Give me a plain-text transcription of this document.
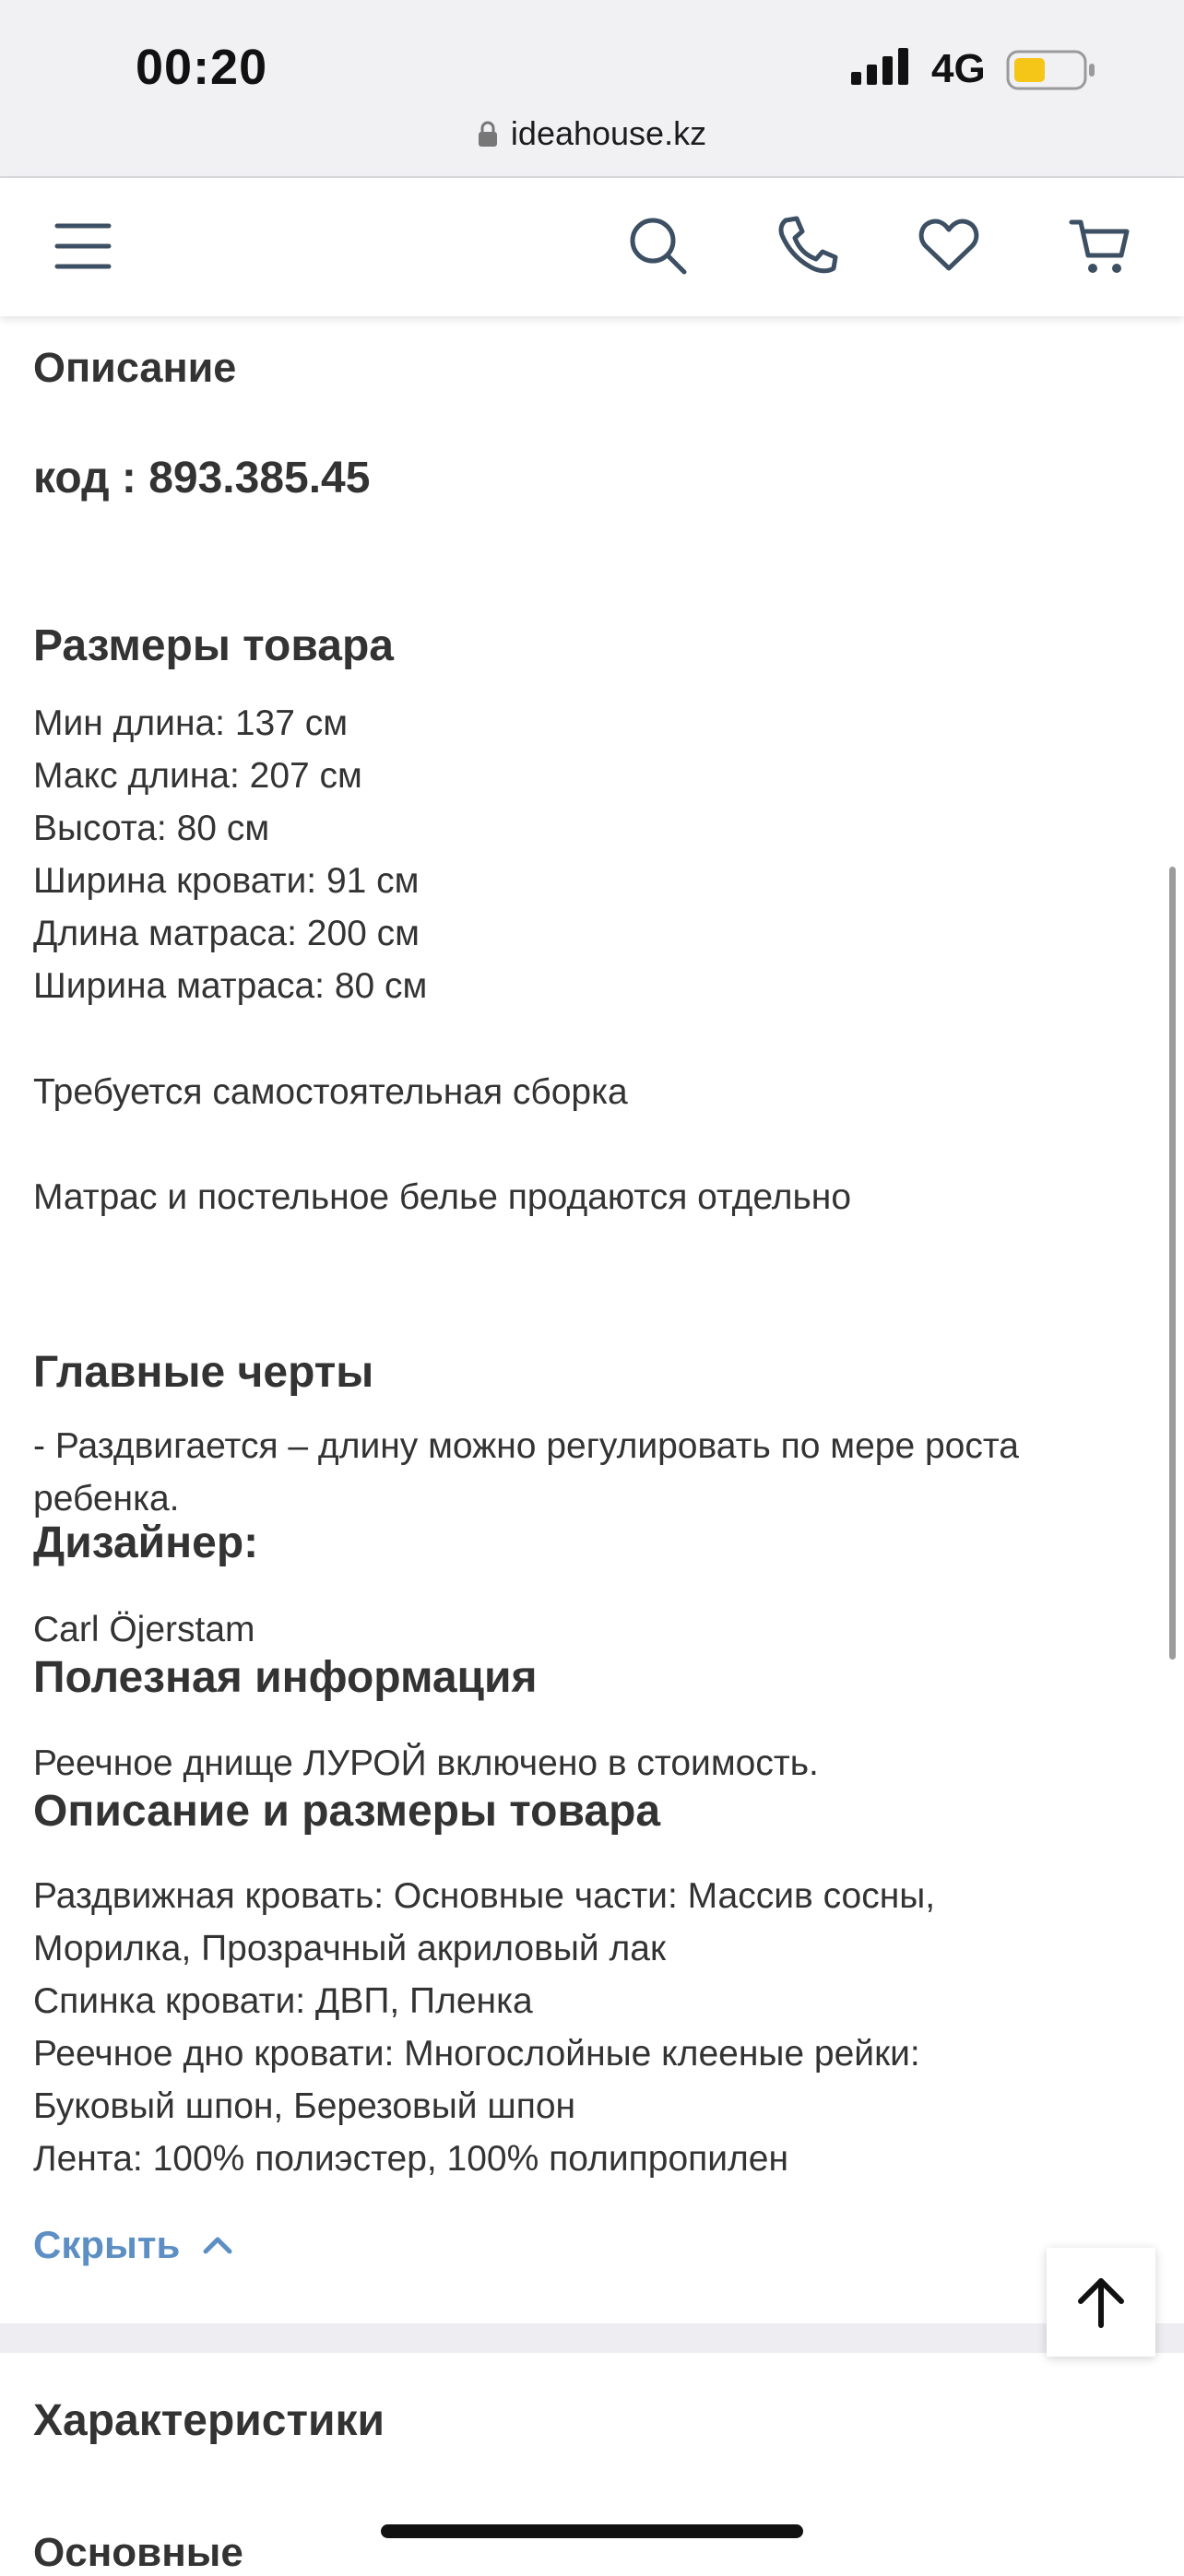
00:20	4G
ideahouse.kz
Описание
код : 893.385.45
Размеры товара
Мин длина: 137 см
Макс длина: 207 см
Высота: 80 см
Ширина кровати: 91 см
Длина матраса: 200 см
Ширина матраса: 80 см

Требуется самостоятельная сборка

Матрас и постельное белье продаются отдельно

Главные черты

- Раздвигается – длину можно регулировать по мере роста ребенка.

Дизайнер:

Carl Öjerstam

Полезная информация

Реечное днище ЛУРОЙ включено в стоимость.

Описание и размеры товара
Раздвижная кровать: Основные части: Массив сосны,
Морилка, Прозрачный акриловый лак
Спинка кровати: ДВП, Пленка
Реечное дно кровати: Многослойные клееные рейки:
Буковый шпон, Березовый шпон
Лента: 100% полиэстер, 100% полипропилен
Скрыть
Характеристики
Основные
